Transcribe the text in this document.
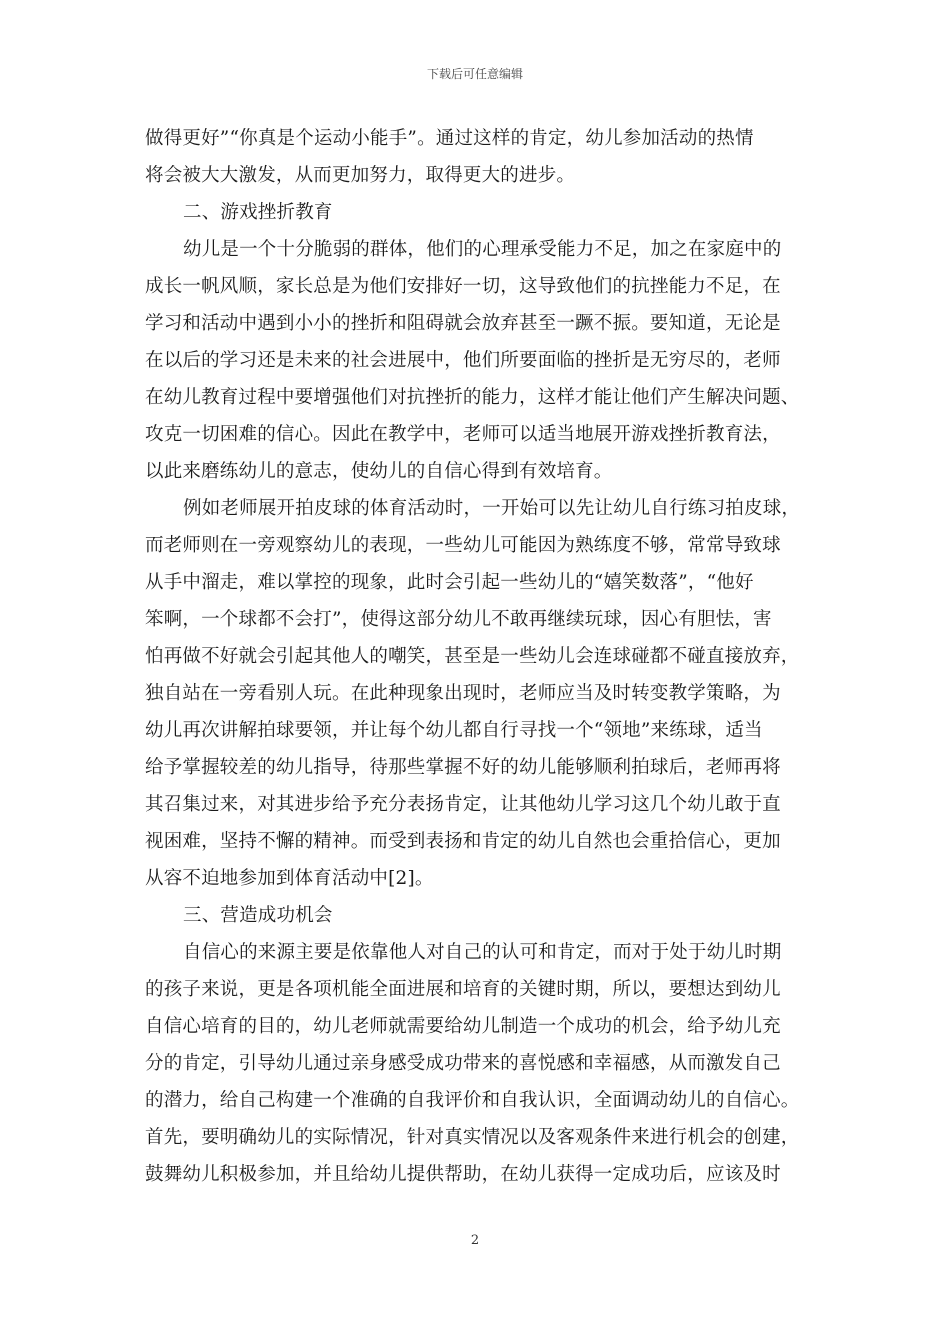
下载后可任意编辑
做得更好”“你真是个运动小能手”。通过这样的肯定，幼儿参加活动的热情
将会被大大激发，从而更加努力，取得更大的进步。
二、游戏挫折教育
幼儿是一个十分脆弱的群体，他们的心理承受能力不足，加之在家庭中的
成长一帆风顺，家长总是为他们安排好一切，这导致他们的抗挫能力不足，在
学习和活动中遇到小小的挫折和阻碍就会放弃甚至一蹶不振。要知道，无论是
在以后的学习还是未来的社会进展中，他们所要面临的挫折是无穷尽的，老师
在幼儿教育过程中要增强他们对抗挫折的能力，这样才能让他们产生解决问题、
攻克一切困难的信心。因此在教学中，老师可以适当地展开游戏挫折教育法，
以此来磨练幼儿的意志，使幼儿的自信心得到有效培育。
例如老师展开拍皮球的体育活动时，一开始可以先让幼儿自行练习拍皮球，
而老师则在一旁观察幼儿的表现，一些幼儿可能因为熟练度不够，常常导致球
从手中溜走，难以掌控的现象，此时会引起一些幼儿的“嬉笑数落”，“他好
笨啊，一个球都不会打”，使得这部分幼儿不敢再继续玩球，因心有胆怯，害
怕再做不好就会引起其他人的嘲笑，甚至是一些幼儿会连球碰都不碰直接放弃，
独自站在一旁看别人玩。在此种现象出现时，老师应当及时转变教学策略，为
幼儿再次讲解拍球要领，并让每个幼儿都自行寻找一个“领地”来练球，适当
给予掌握较差的幼儿指导，待那些掌握不好的幼儿能够顺利拍球后，老师再将
其召集过来，对其进步给予充分表扬肯定，让其他幼儿学习这几个幼儿敢于直
视困难，坚持不懈的精神。而受到表扬和肯定的幼儿自然也会重拾信心，更加
从容不迫地参加到体育活动中[2]。
三、营造成功机会
自信心的来源主要是依靠他人对自己的认可和肯定，而对于处于幼儿时期
的孩子来说，更是各项机能全面进展和培育的关键时期，所以，要想达到幼儿
自信心培育的目的，幼儿老师就需要给幼儿制造一个成功的机会，给予幼儿充
分的肯定，引导幼儿通过亲身感受成功带来的喜悦感和幸福感，从而激发自己
的潜力，给自己构建一个准确的自我评价和自我认识，全面调动幼儿的自信心。
首先，要明确幼儿的实际情况，针对真实情况以及客观条件来进行机会的创建，
鼓舞幼儿积极参加，并且给幼儿提供帮助，在幼儿获得一定成功后，应该及时
2
